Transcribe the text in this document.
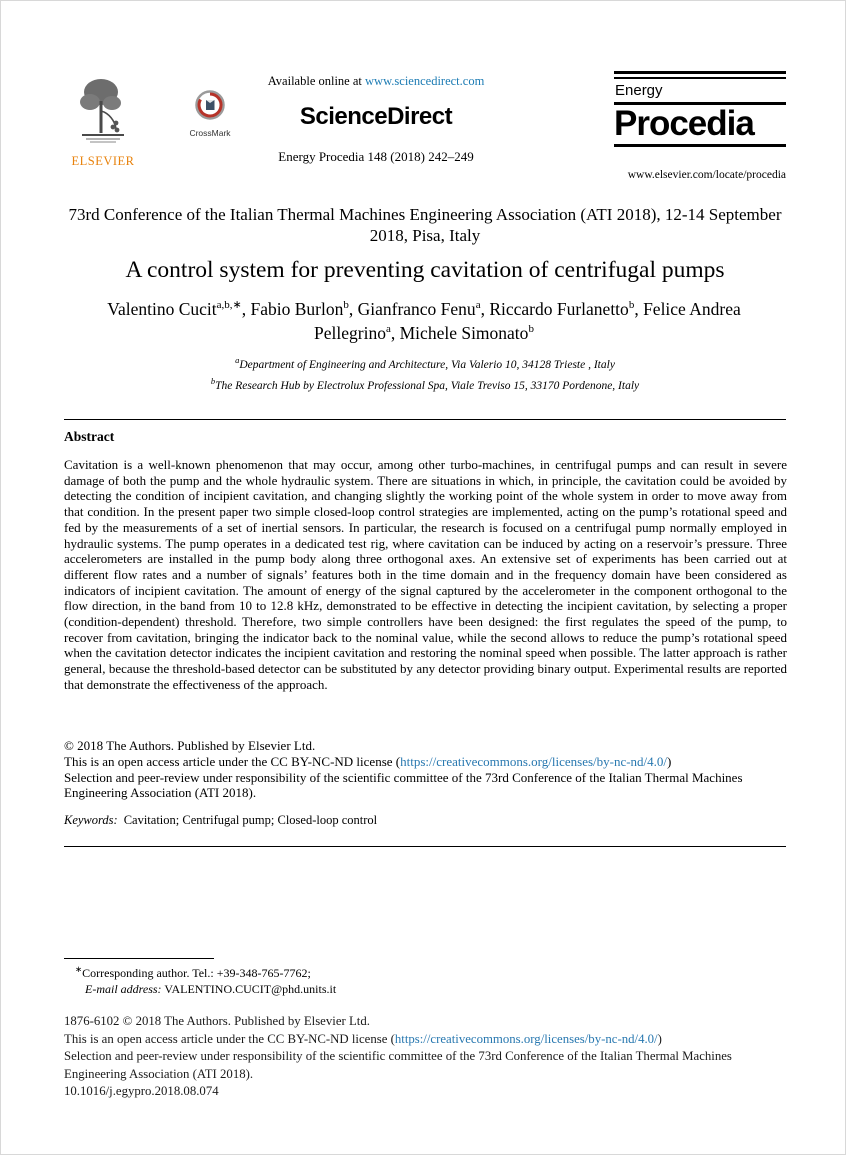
ELSEVIER
CrossMark
Available online at www.sciencedirect.com
ScienceDirect
Energy Procedia 148 (2018) 242–249
Energy
Procedia
www.elsevier.com/locate/procedia
73rd Conference of the Italian Thermal Machines Engineering Association (ATI 2018), 12-14 September 2018, Pisa, Italy
A control system for preventing cavitation of centrifugal pumps
Valentino Cucit$^{a,b,∗}$, Fabio Burlon$^b$, Gianfranco Fenu$^a$, Riccardo Furlanetto$^b$, Felice Andrea Pellegrino$^a$, Michele Simonato$^b$
$^a$Department of Engineering and Architecture, Via Valerio 10, 34128 Trieste , Italy
$^b$The Research Hub by Electrolux Professional Spa, Viale Treviso 15, 33170 Pordenone, Italy
Abstract

Cavitation is a well-known phenomenon that may occur, among other turbo-machines, in centrifugal pumps and can result in severe damage of both the pump and the whole hydraulic system. There are situations in which, in principle, the cavitation could be avoided by detecting the condition of incipient cavitation, and changing slightly the working point of the whole system in order to move away from that condition. In the present paper two simple closed-loop control strategies are implemented, acting on the pump’s rotational speed and fed by the measurements of a set of inertial sensors. In particular, the research is focused on a centrifugal pump normally employed in hydraulic systems. The pump operates in a dedicated test rig, where cavitation can be induced by acting on a reservoir’s pressure. Three accelerometers are installed in the pump body along three orthogonal axes. An extensive set of experiments has been carried out at different flow rates and a number of signals’ features both in the time domain and in the frequency domain have been considered as indicators of incipient cavitation. The amount of energy of the signal captured by the accelerometer in the component orthogonal to the flow direction, in the band from 10 to 12.8 kHz, demonstrated to be effective in detecting the incipient cavitation, by selecting a proper (condition-dependent) threshold. Therefore, two simple controllers have been designed: the first regulates the speed of the pump, to recover from cavitation, bringing the indicator back to the nominal value, while the second allows to reduce the pump’s rotational speed when the cavitation detector indicates the incipient cavitation and restoring the nominal speed when possible. The latter approach is rather general, because the threshold-based detector can be substituted by any detector providing binary output. Experimental results are reported that demonstrate the effectiveness of the approach.

© 2018 The Authors. Published by Elsevier Ltd.
This is an open access article under the CC BY-NC-ND license (https://creativecommons.org/licenses/by-nc-nd/4.0/)
Selection and peer-review under responsibility of the scientific committee of the 73rd Conference of the Italian Thermal Machines Engineering Association (ATI 2018).
Keywords: Cavitation; Centrifugal pump; Closed-loop control
∗Corresponding author. Tel.: +39-348-765-7762;
E-mail address: VALENTINO.CUCIT@phd.units.it
1876-6102 © 2018 The Authors. Published by Elsevier Ltd.
This is an open access article under the CC BY-NC-ND license (https://creativecommons.org/licenses/by-nc-nd/4.0/)
Selection and peer-review under responsibility of the scientific committee of the 73rd Conference of the Italian Thermal Machines Engineering Association (ATI 2018).
10.1016/j.egypro.2018.08.074
